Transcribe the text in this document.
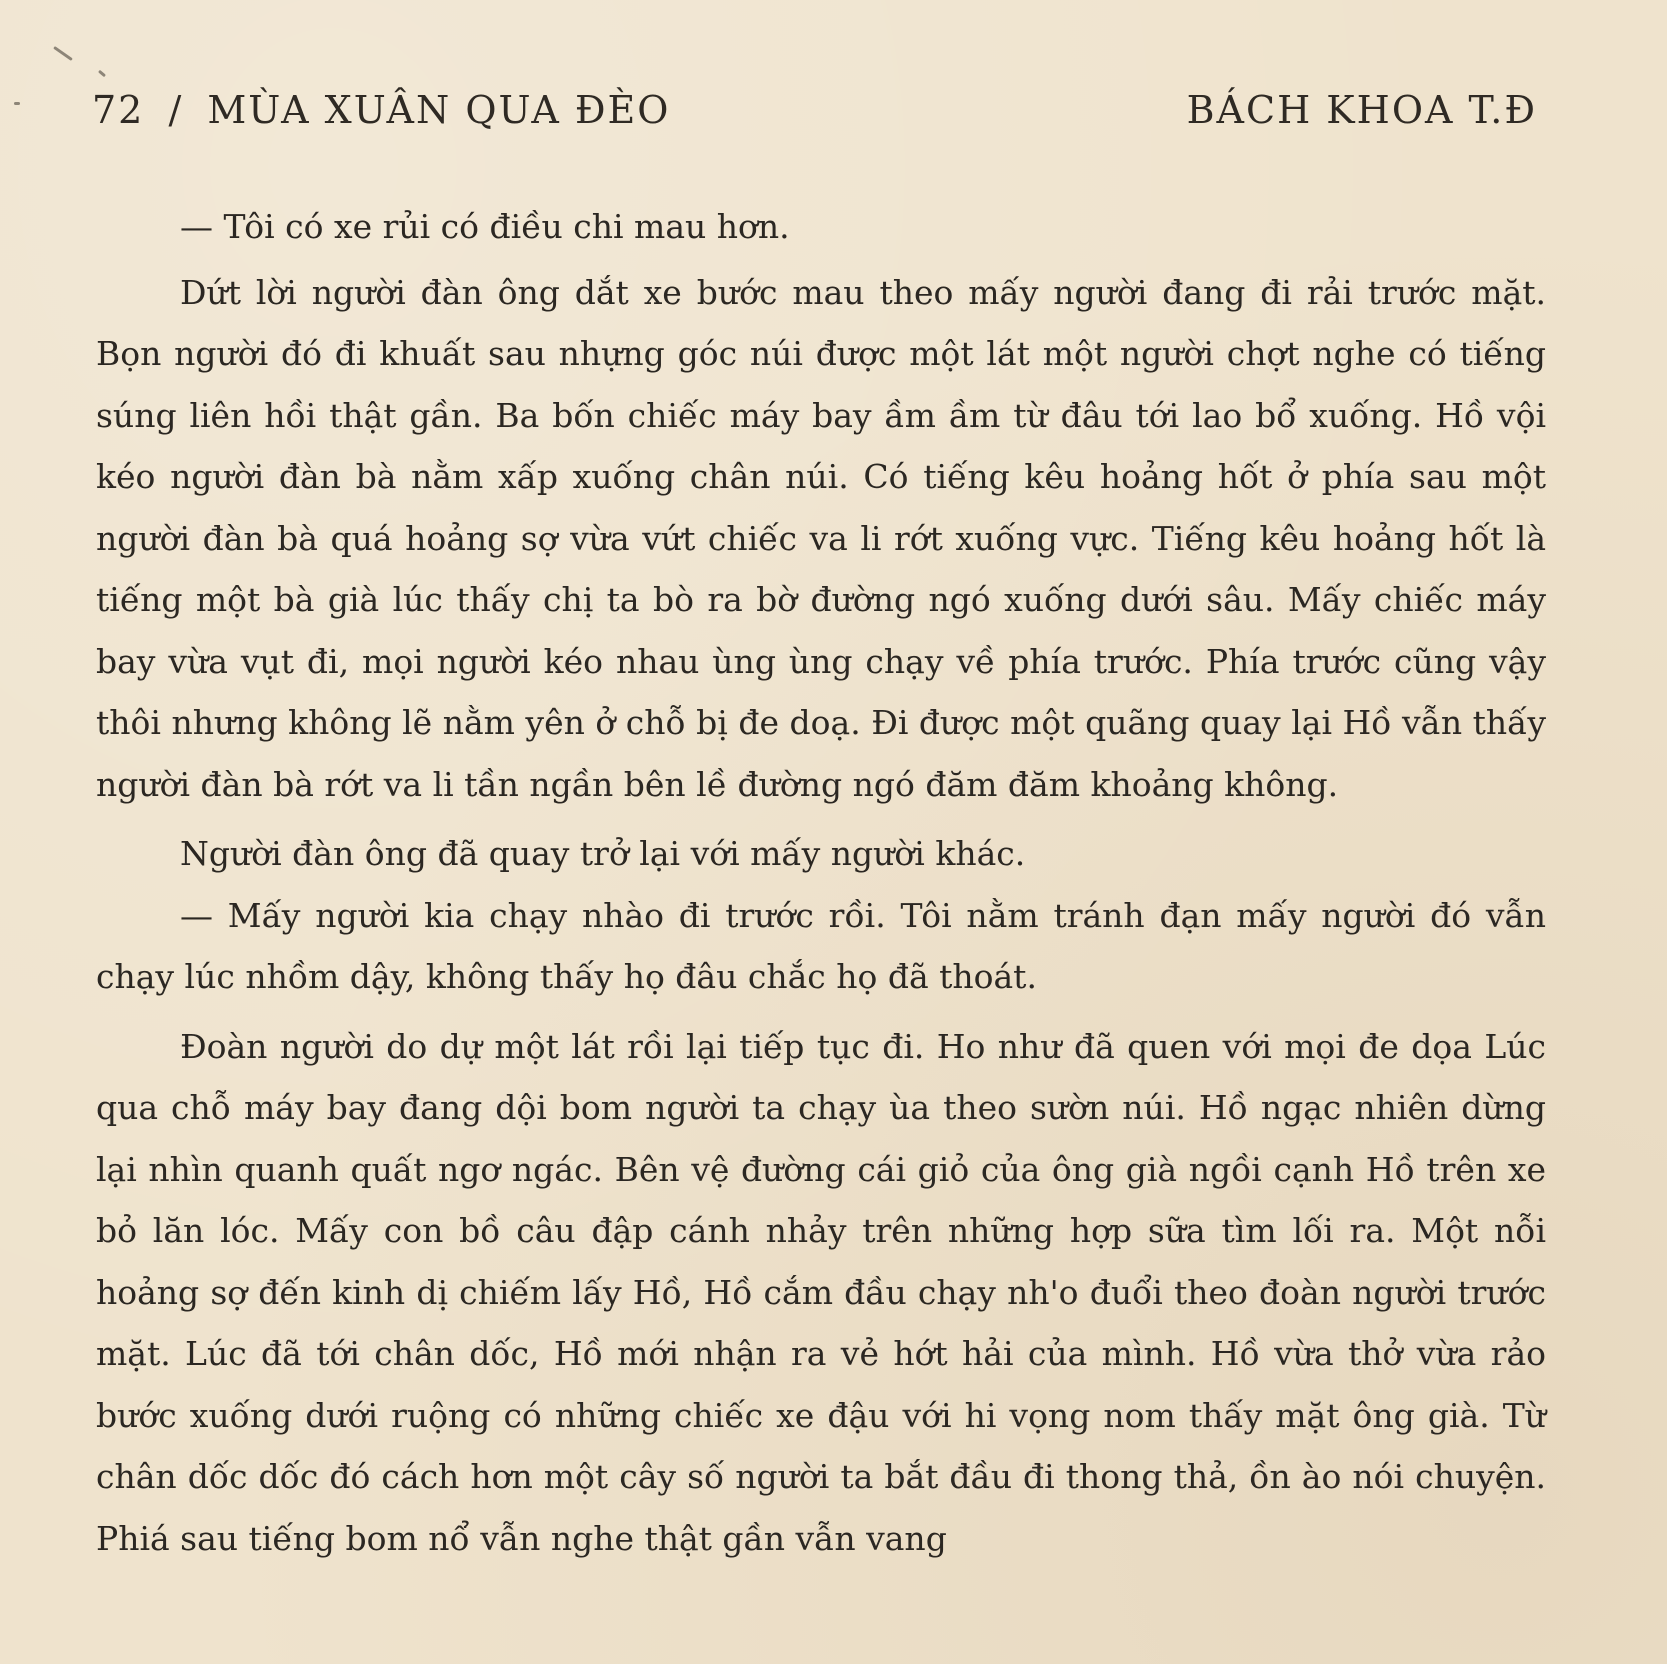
72 / MÙA XUÂN QUA ĐÈO	BÁCH KHOA T.Đ

— Tôi có xe rủi có điều chi mau hơn.

Dứt lời người đàn ông dắt xe bước mau theo mấy người đang đi rải trước mặt. Bọn người đó đi khuất sau nhựng góc núi được một lát một người chợt nghe có tiếng súng liên hồi thật gần. Ba bốn chiếc máy bay ầm ầm từ đâu tới lao bổ xuống. Hồ vội kéo người đàn bà nằm xấp xuống chân núi. Có tiếng kêu hoảng hốt ở phía sau một người đàn bà quá hoảng sợ vừa vứt chiếc va li rớt xuống vực. Tiếng kêu hoảng hốt là tiếng một bà già lúc thấy chị ta bò ra bờ đường ngó xuống dưới sâu. Mấy chiếc máy bay vừa vụt đi, mọi người kéo nhau ùng ùng chạy về phía trước. Phía trước cũng vậy thôi nhưng không lẽ nằm yên ở chỗ bị đe doạ. Đi được một quãng quay lại Hồ vẫn thấy người đàn bà rớt va li tần ngần bên lề đường ngó đăm đăm khoảng không.

Người đàn ông đã quay trở lại với mấy người khác.

— Mấy người kia chạy nhào đi trước rồi. Tôi nằm tránh đạn mấy người đó vẫn chạy lúc nhồm dậy, không thấy họ đâu chắc họ đã thoát.

Đoàn người do dự một lát rồi lại tiếp tục đi. Ho như đã quen với mọi đe dọa Lúc qua chỗ máy bay đang dội bom người ta chạy ùa theo sườn núi. Hồ ngạc nhiên dừng lại nhìn quanh quất ngơ ngác. Bên vệ đường cái giỏ của ông già ngồi cạnh Hồ trên xe bỏ lăn lóc. Mấy con bồ câu đập cánh nhảy trên những hợp sữa tìm lối ra. Một nỗi hoảng sợ đến kinh dị chiếm lấy Hồ, Hồ cắm đầu chạy nh'o đuổi theo đoàn người trước mặt. Lúc đã tới chân dốc, Hồ mới nhận ra vẻ hớt hải của mình. Hồ vừa thở vừa rảo bước xuống dưới ruộng có những chiếc xe đậu với hi vọng nom thấy mặt ông già. Từ chân dốc dốc đó cách hơn một cây số người ta bắt đầu đi thong thả, ồn ào nói chuyện. Phiá sau tiếng bom nổ vẫn nghe thật gần vẫn vang
